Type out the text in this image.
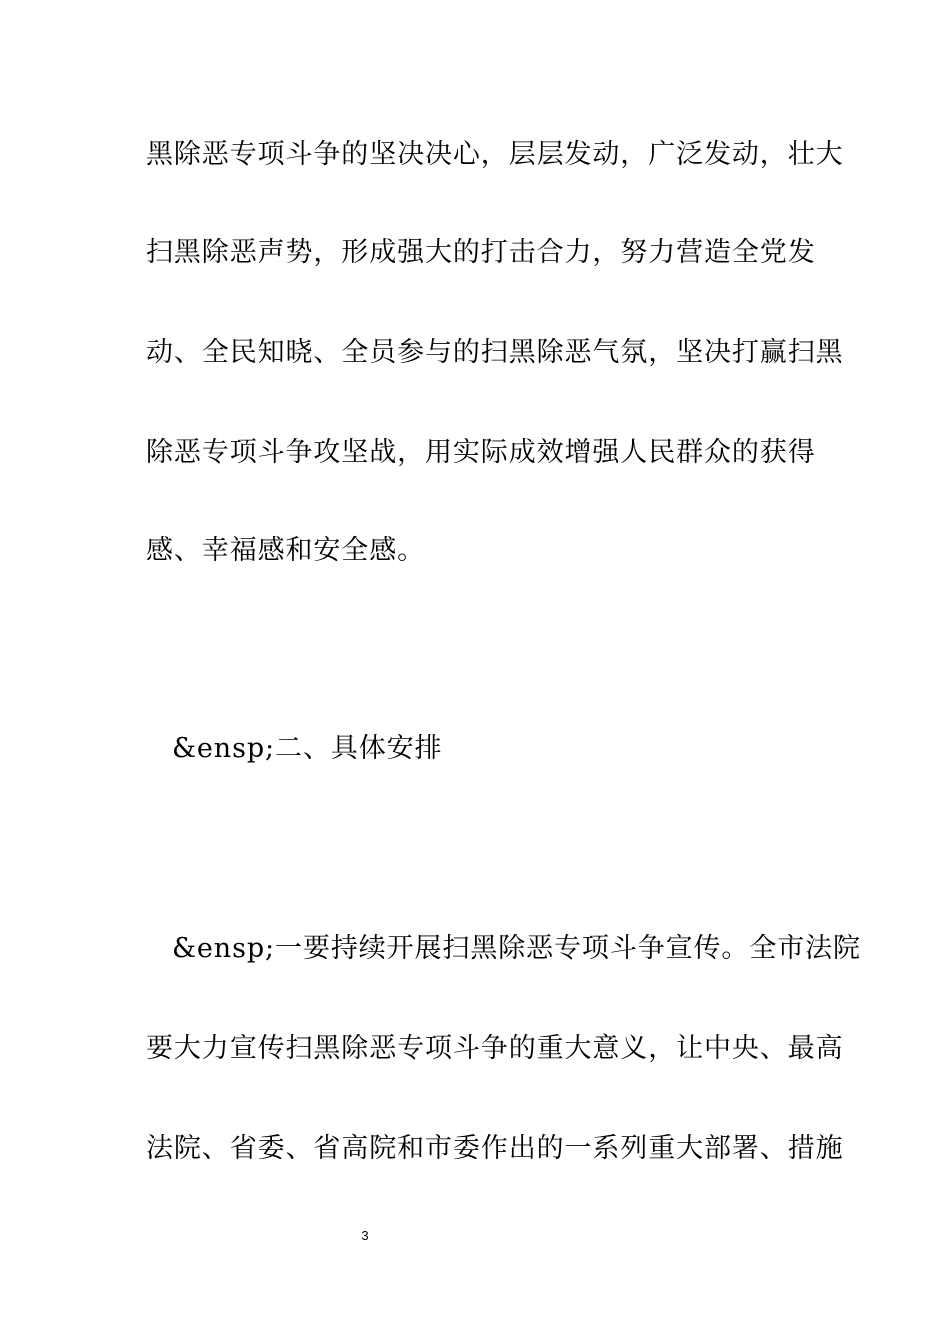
黑除恶专项斗争的坚决决心，层层发动，广泛发动，壮大
扫黑除恶声势，形成强大的打击合力，努力营造全党发
动、全民知晓、全员参与的扫黑除恶气氛，坚决打赢扫黑
除恶专项斗争攻坚战，用实际成效增强人民群众的获得
感、幸福感和安全感。
&ensp;二、具体安排
&ensp;一要持续开展扫黑除恶专项斗争宣传。全市法院
要大力宣传扫黑除恶专项斗争的重大意义，让中央、最高
法院、省委、省高院和市委作出的一系列重大部署、措施
3
